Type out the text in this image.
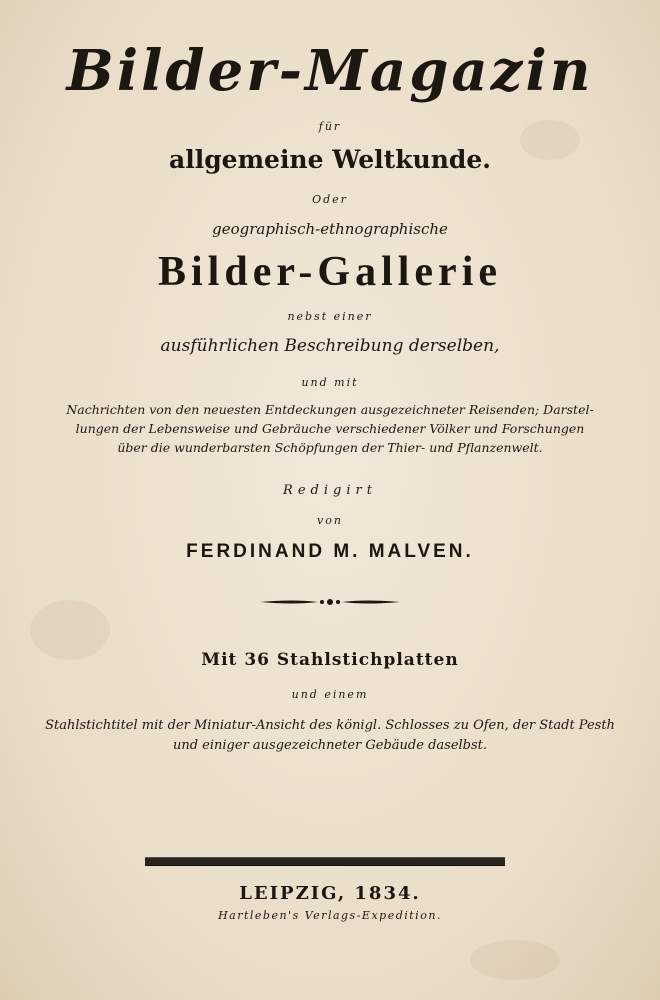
Bilder-Magazin
für
allgemeine Weltkunde.
Oder
geographisch-ethnographische
Bilder-Gallerie
nebst einer
ausführlichen Beschreibung derselben,
und mit
Nachrichten von den neuesten Entdeckungen ausgezeichneter Reisenden; Darstel-
lungen der Lebensweise und Gebräuche verschiedener Völker und Forschungen
über die wunderbarsten Schöpfungen der Thier- und Pflanzenwelt.
Redigirt
von
FERDINAND M. MALVEN.
Mit 36 Stahlstichplatten
und einem
Stahlstichtitel mit der Miniatur-Ansicht des königl. Schlosses zu Ofen, der Stadt Pesth
und einiger ausgezeichneter Gebäude daselbst.
LEIPZIG, 1834.
Hartleben's Verlags-Expedition.
